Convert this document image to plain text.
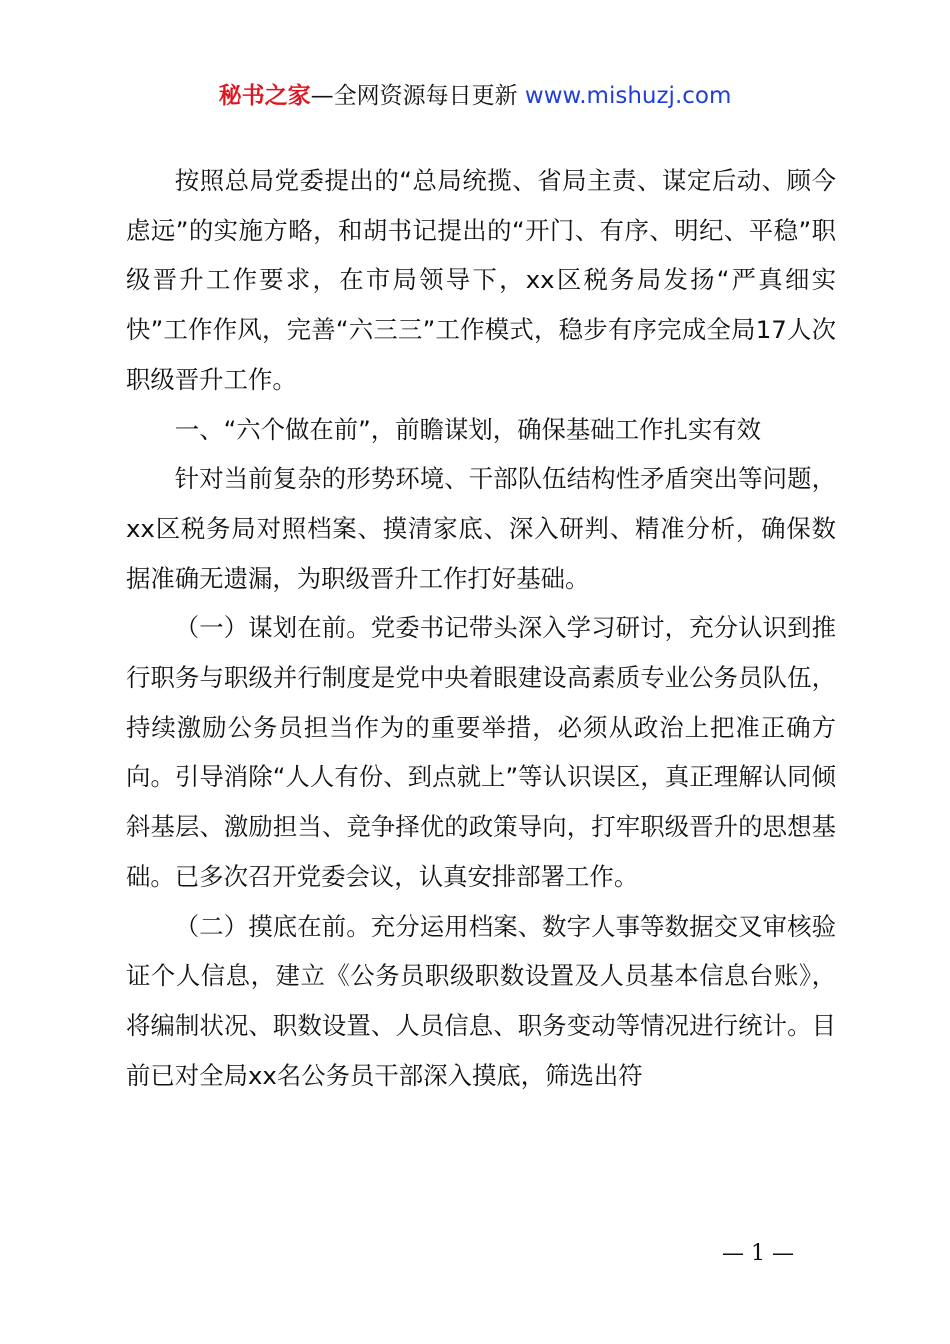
秘书之家—全网资源每日更新 www.mishuzj.com

按照总局党委提出的“总局统揽、省局主责、谋定后动、顾今虑远”的实施方略，和胡书记提出的“开门、有序、明纪、平稳”职级晋升工作要求，在市局领导下，xx区税务局发扬“严真细实快”工作作风，完善“六三三”工作模式，稳步有序完成全局17人次职级晋升工作。

一、“六个做在前”，前瞻谋划，确保基础工作扎实有效

针对当前复杂的形势环境、干部队伍结构性矛盾突出等问题，xx区税务局对照档案、摸清家底、深入研判、精准分析，确保数据准确无遗漏，为职级晋升工作打好基础。

（一）谋划在前。党委书记带头深入学习研讨，充分认识到推行职务与职级并行制度是党中央着眼建设高素质专业公务员队伍，持续激励公务员担当作为的重要举措，必须从政治上把准正确方向。引导消除“人人有份、到点就上”等认识误区，真正理解认同倾斜基层、激励担当、竞争择优的政策导向，打牢职级晋升的思想基础。已多次召开党委会议，认真安排部署工作。

（二）摸底在前。充分运用档案、数字人事等数据交叉审核验证个人信息，建立《公务员职级职数设置及人员基本信息台账》，将编制状况、职数设置、人员信息、职务变动等情况进行统计。目前已对全局xx名公务员干部深入摸底，筛选出符

— 1 —
